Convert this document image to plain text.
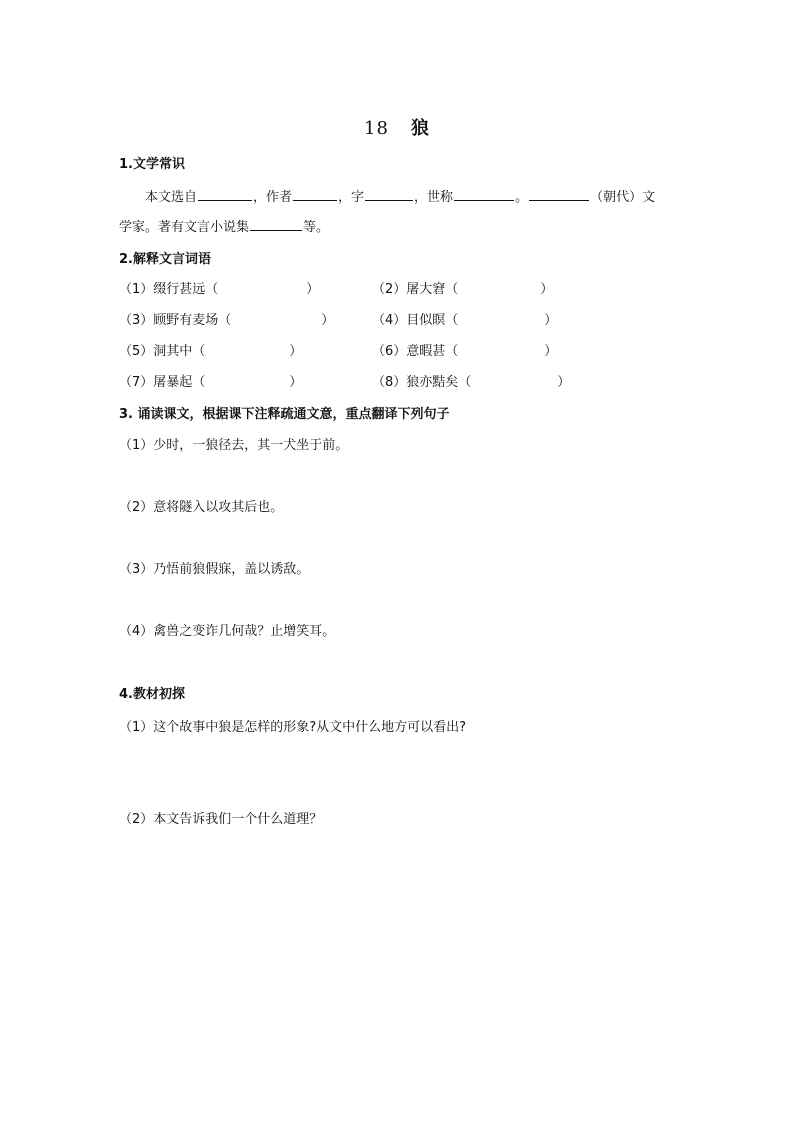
18 狼
1.文学常识
本文选自	，作者	，字	，世称	。	（朝代）文
学家。著有文言小说集	等。
2.解释文言词语
（1）缀行甚远（	）	（2）屠大窘（	）
（3）顾野有麦场（	）	（4）目似瞑（	）
（5）洞其中（	）	（6）意暇甚（	）
（7）屠暴起（	）	（8）狼亦黠矣（	）
3. 诵读课文，根据课下注释疏通文意，重点翻译下列句子
（1）少时，一狼径去，其一犬坐于前。
（2）意将隧入以攻其后也。
（3）乃悟前狼假寐，盖以诱敌。
（4）禽兽之变诈几何哉？止增笑耳。
4.教材初探
（1）这个故事中狼是怎样的形象?从文中什么地方可以看出?
（2）本文告诉我们一个什么道理？
